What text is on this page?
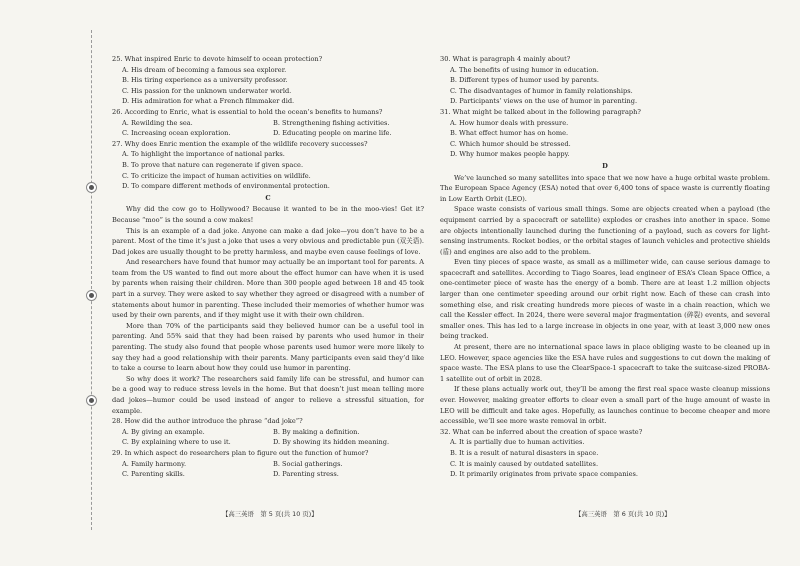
25. What inspired Enric to devote himself to ocean protection?

A. His dream of becoming a famous sea explorer.

B. His tiring experience as a university professor.

C. His passion for the unknown underwater world.

D. His admiration for what a French filmmaker did.

26. According to Enric, what is essential to hold the ocean’s benefits to humans?

A. Rewilding the sea.	B. Strengthening fishing activities.
C. Increasing ocean exploration.	D. Educating people on marine life.

27. Why does Enric mention the example of the wildlife recovery successes?

A. To highlight the importance of national parks.

B. To prove that nature can regenerate if given space.

C. To criticize the impact of human activities on wildlife.

D. To compare different methods of environmental protection.

C

Why did the cow go to Hollywood? Because it wanted to be in the moo-vies! Get it? Because “moo” is the sound a cow makes!

This is an example of a dad joke. Anyone can make a dad joke—you don’t have to be a parent. Most of the time it’s just a joke that uses a very obvious and predictable pun (双关语). Dad jokes are usually thought to be pretty harmless, and maybe even cause feelings of love.

And researchers have found that humor may actually be an important tool for parents. A team from the US wanted to find out more about the effect humor can have when it is used by parents when raising their children. More than 300 people aged between 18 and 45 took part in a survey. They were asked to say whether they agreed or disagreed with a number of statements about humor in parenting. These included their memories of whether humor was used by their own parents, and if they might use it with their own children.

More than 70% of the participants said they believed humor can be a useful tool in parenting. And 55% said that they had been raised by parents who used humor in their parenting. The study also found that people whose parents used humor were more likely to say they had a good relationship with their parents. Many participants even said they’d like to take a course to learn about how they could use humor in parenting.

So why does it work? The researchers said family life can be stressful, and humor can be a good way to reduce stress levels in the home. But that doesn’t just mean telling more dad jokes—humor could be used instead of anger to relieve a stressful situation, for example.

28. How did the author introduce the phrase “dad joke”?

A. By giving an example.	B. By making a definition.
C. By explaining where to use it.	D. By showing its hidden meaning.

29. In which aspect do researchers plan to figure out the function of humor?

A. Family harmony.	B. Social gatherings.
C. Parenting skills.	D. Parenting stress.

30. What is paragraph 4 mainly about?

A. The benefits of using humor in education.

B. Different types of humor used by parents.

C. The disadvantages of humor in family relationships.

D. Participants’ views on the use of humor in parenting.

31. What might be talked about in the following paragraph?

A. How humor deals with pressure.

B. What effect humor has on home.

C. Which humor should be stressed.

D. Why humor makes people happy.

D

We’ve launched so many satellites into space that we now have a huge orbital waste problem. The European Space Agency (ESA) noted that over 6,400 tons of space waste is currently floating in Low Earth Orbit (LEO).

Space waste consists of various small things. Some are objects created when a payload (the equipment carried by a spacecraft or satellite) explodes or crashes into another in space. Some are objects intentionally launched during the functioning of a payload, such as covers for light-sensing instruments. Rocket bodies, or the orbital stages of launch vehicles and protective shields (盾) and engines are also add to the problem.

Even tiny pieces of space waste, as small as a millimeter wide, can cause serious damage to spacecraft and satellites. According to Tiago Soares, lead engineer of ESA’s Clean Space Office, a one-centimeter piece of waste has the energy of a bomb. There are at least 1.2 million objects larger than one centimeter speeding around our orbit right now. Each of these can crash into something else, and risk creating hundreds more pieces of waste in a chain reaction, which we call the Kessler effect. In 2024, there were several major fragmentation (碎裂) events, and several smaller ones. This has led to a large increase in objects in one year, with at least 3,000 new ones being tracked.

At present, there are no international space laws in place obliging waste to be cleaned up in LEO. However, space agencies like the ESA have rules and suggestions to cut down the making of space waste. The ESA plans to use the ClearSpace-1 spacecraft to take the suitcase-sized PROBA-1 satellite out of orbit in 2028.

If these plans actually work out, they’ll be among the first real space waste cleanup missions ever. However, making greater efforts to clear even a small part of the huge amount of waste in LEO will be difficult and take ages. Hopefully, as launches continue to become cheaper and more accessible, we’ll see more waste removal in orbit.

32. What can be inferred about the creation of space waste?

A. It is partially due to human activities.

B. It is a result of natural disasters in space.

C. It is mainly caused by outdated satellites.

D. It primarily originates from private space companies.

【高三英语　第 5 页(共 10 页)】	【高三英语　第 6 页(共 10 页)】
